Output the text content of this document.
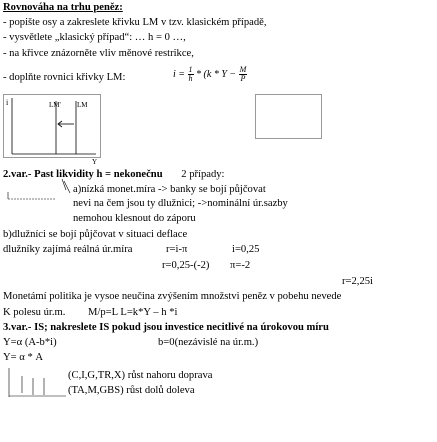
Rovnováha na trhu peněz:
- popište osy a zakreslete křivku LM v tzv. klasickém případě,
- vysvětlete „klasický případ“: … h = 0 …,
- na křivce znázorněte vliv měnové restrikce,
- doplňte rovnici křivky LM:	$i = \frac{1}{h} * (k * Y - \frac{M}{P}$
i
Y
LM' LM
2.var.- Past likvidity h = nekonečnu 2 případy:
a)nízká monet.míra -> banky se bojí půjčovat
nevi na čem jsou ty dlužnici; ->nominální úr.sazby
nemohou klesnout do záporu
b)dlužníci se bojí půjčovat v situaci deflace
dlužníky zajímá reálná úr.míra	r=i-π	i=0,25
r=0,25-(-2) π=-2
r=2,25i
Monetámí politika je vysoe neučina zvýšením množstvi peněz v pobehu nevede
K polesu úr.m. M/p=L L=k*Y – h *i
3.var.- IS; nakreslete IS pokud jsou investice necitlivé na úrokovou míru
Y=α (A-b*i)	b=0(nezávislé na úr.m.)
Y= α * A
(C,I,G,TR,X) růst nahoru doprava
(TA,M,GBS) růst dolů doleva
